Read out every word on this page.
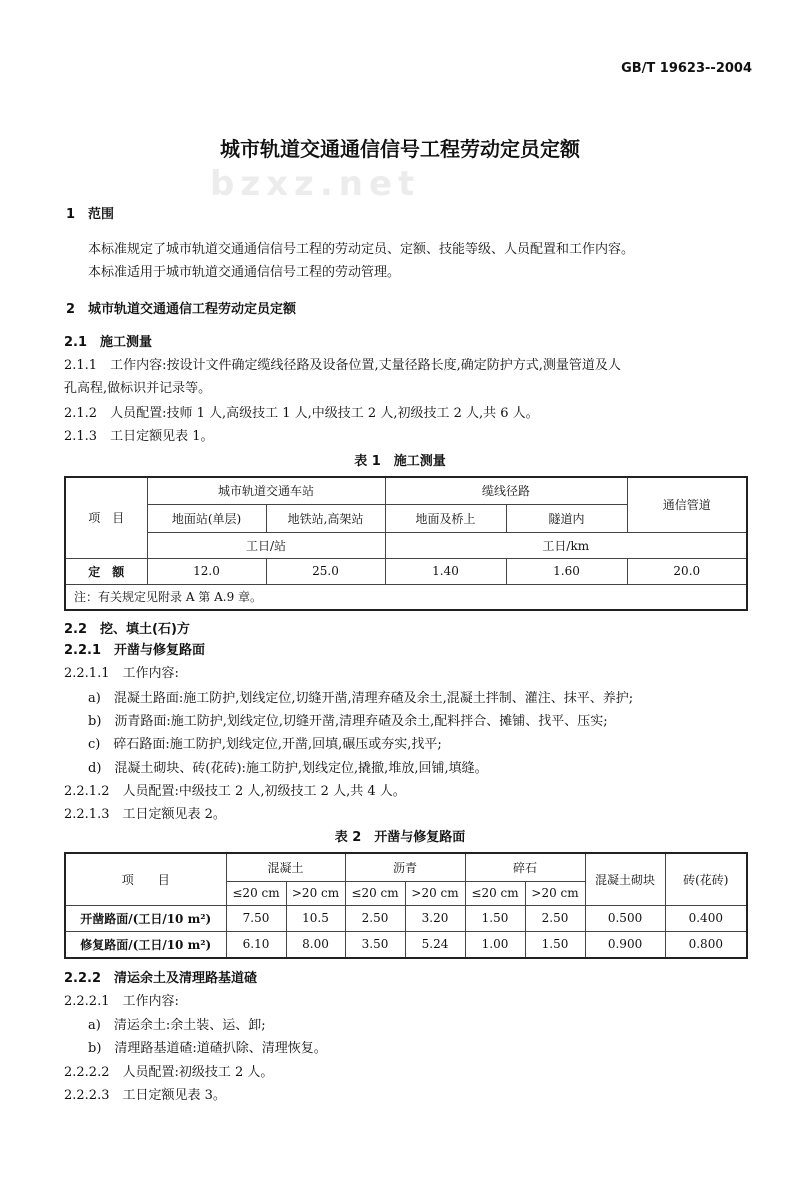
bzxz.net
GB/T 19623--2004
城市轨道交通通信信号工程劳动定员定额
1　范围
本标准规定了城市轨道交通通信信号工程的劳动定员、定额、技能等级、人员配置和工作内容。
本标准适用于城市轨道交通通信信号工程的劳动管理。
2　城市轨道交通通信工程劳动定员定额
2.1　施工测量
2.1.1　工作内容:按设计文件确定缆线径路及设备位置,丈量径路长度,确定防护方式,测量管道及人
孔高程,做标识并记录等。
2.1.2　人员配置:技师 1 人,高级技工 1 人,中级技工 2 人,初级技工 2 人,共 6 人。
2.1.3　工日定额见表 1。
表 1　施工测量
项　目	城市轨道交通车站		缆线径路		通信管道
	地面站(单层)	地铁站,高架站	地面及桥上	隧道内	
	工日/站		工日/km		
定　额	12.0	25.0	1.40	1.60	20.0
注：有关规定见附录 A 第 A.9 章。					
2.2　挖、填土(石)方
2.2.1　开凿与修复路面
2.2.1.1　工作内容:
a)　混凝土路面:施工防护,划线定位,切缝开凿,清理弃碴及余土,混凝土拌制、灌注、抹平、养护;
b)　沥青路面:施工防护,划线定位,切缝开凿,清理弃碴及余土,配料拌合、摊铺、找平、压实;
c)　碎石路面:施工防护,划线定位,开凿,回填,碾压或夯实,找平;
d)　混凝土砌块、砖(花砖):施工防护,划线定位,撬撤,堆放,回铺,填缝。
2.2.1.2　人员配置:中级技工 2 人,初级技工 2 人,共 4 人。
2.2.1.3　工日定额见表 2。
表 2　开凿与修复路面
项　　目	混凝土		沥青		碎石		混凝土砌块	砖(花砖)
	≤20 cm	>20 cm	≤20 cm	>20 cm	≤20 cm	>20 cm		
开凿路面/(工日/10 m²)	7.50	10.5	2.50	3.20	1.50	2.50	0.500	0.400
修复路面/(工日/10 m²)	6.10	8.00	3.50	5.24	1.00	1.50	0.900	0.800
2.2.2　清运余土及清理路基道碴
2.2.2.1　工作内容:
a)　清运余土:余土装、运、卸;
b)　清理路基道碴:道碴扒除、清理恢复。
2.2.2.2　人员配置:初级技工 2 人。
2.2.2.3　工日定额见表 3。
